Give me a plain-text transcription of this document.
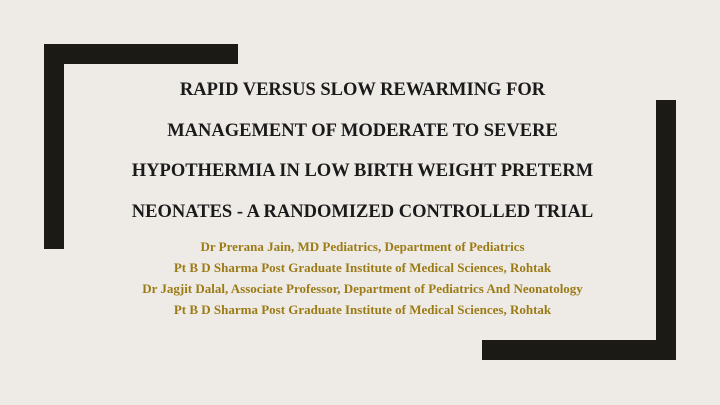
RAPID VERSUS SLOW REWARMING FOR
MANAGEMENT OF MODERATE TO SEVERE
HYPOTHERMIA IN LOW BIRTH WEIGHT PRETERM
NEONATES - A RANDOMIZED CONTROLLED TRIAL
Dr Prerana Jain, MD Pediatrics, Department of Pediatrics
Pt B D Sharma Post Graduate Institute of Medical Sciences, Rohtak
Dr Jagjit Dalal, Associate Professor, Department of Pediatrics And Neonatology
Pt B D Sharma Post Graduate Institute of Medical Sciences, Rohtak
